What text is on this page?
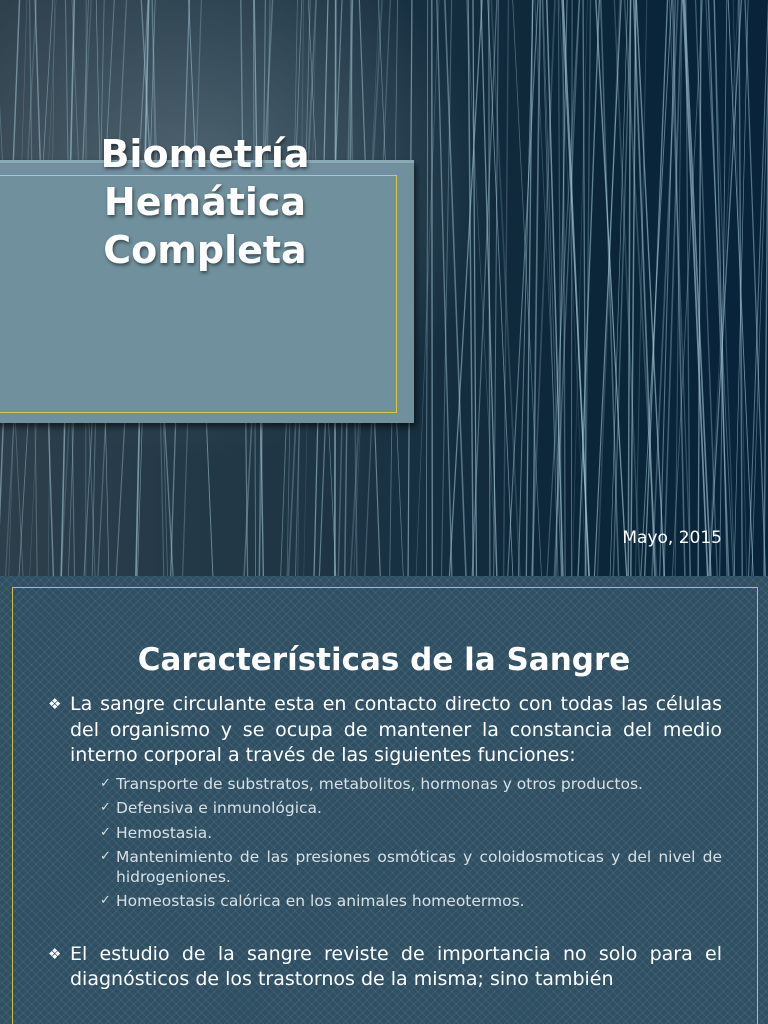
Biometría
Hemática
Completa
Mayo, 2015
Características de la Sangre
❖ La sangre circulante esta en contacto directo con todas las células del organismo y se ocupa de mantener la constancia del medio interno corporal a través de las siguientes funciones:
✓ Transporte de substratos, metabolitos, hormonas y otros productos.
✓ Defensiva e inmunológica.
✓ Hemostasia.
✓ Mantenimiento de las presiones osmóticas y coloidosmoticas y del nivel de hidrogeniones.
✓ Homeostasis calórica en los animales homeotermos.
❖ El estudio de la sangre reviste de importancia no solo para el diagnósticos de los trastornos de la misma; sino también
